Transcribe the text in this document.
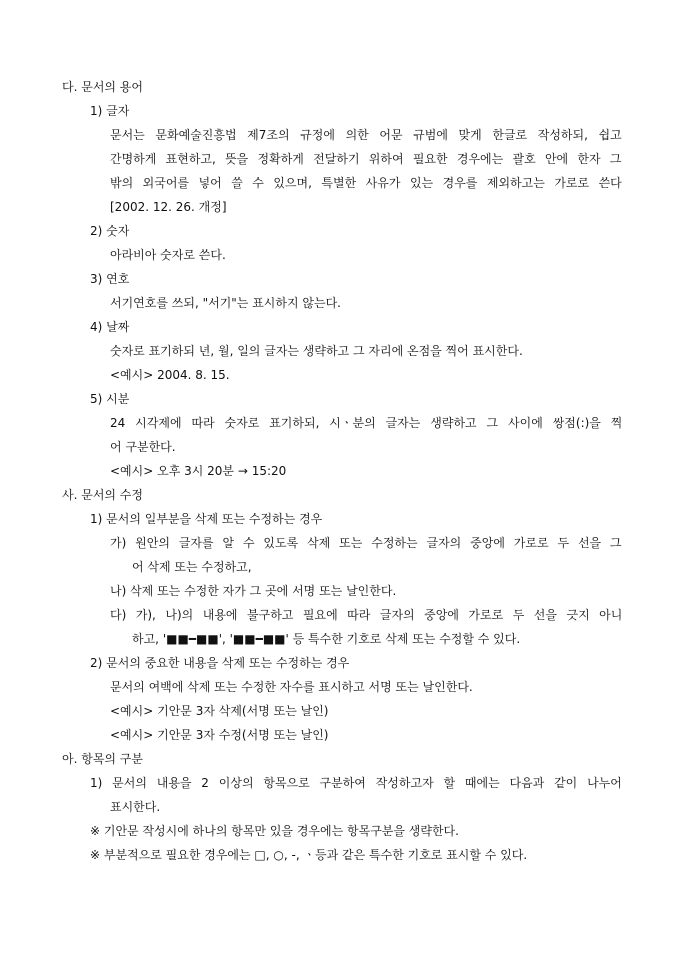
다. 문서의 용어
1) 글자
문서는 문화예술진흥법 제7조의 규정에 의한 어문 규범에 맞게 한글로 작성하되, 쉽고
간명하게 표현하고, 뜻을 정확하게 전달하기 위하여 필요한 경우에는 괄호 안에 한자 그
밖의 외국어를 넣어 쓸 수 있으며, 특별한 사유가 있는 경우를 제외하고는 가로로 쓴다
[2002. 12. 26. 개정]
2) 숫자
아라비아 숫자로 쓴다.
3) 연호
서기연호를 쓰되, "서기"는 표시하지 않는다.
4) 날짜
숫자로 표기하되 년, 월, 일의 글자는 생략하고 그 자리에 온점을 찍어 표시한다.
<예시> 2004. 8. 15.
5) 시분
24 시각제에 따라 숫자로 표기하되, 시ㆍ분의 글자는 생략하고 그 사이에 쌍점(:)을 찍
어 구분한다.
<예시> 오후 3시 20분 → 15:20
사. 문서의 수정
1) 문서의 일부분을 삭제 또는 수정하는 경우
가) 원안의 글자를 알 수 있도록 삭제 또는 수정하는 글자의 중앙에 가로로 두 선을 그
어 삭제 또는 수정하고,
나) 삭제 또는 수정한 자가 그 곳에 서명 또는 날인한다.
다) 가), 나)의 내용에 불구하고 필요에 따라 글자의 중앙에 가로로 두 선을 긋지 아니
하고, '■■━■■', '■■━■■' 등 특수한 기호로 삭제 또는 수정할 수 있다.
2) 문서의 중요한 내용을 삭제 또는 수정하는 경우
문서의 여백에 삭제 또는 수정한 자수를 표시하고 서명 또는 날인한다.
<예시> 기안문 3자 삭제(서명 또는 날인)
<예시> 기안문 3자 수정(서명 또는 날인)
아. 항목의 구분
1) 문서의 내용을 2 이상의 항목으로 구분하여 작성하고자 할 때에는 다음과 같이 나누어
표시한다.
※ 기안문 작성시에 하나의 항목만 있을 경우에는 항목구분을 생략한다.
※ 부분적으로 필요한 경우에는 □, ○, -, ㆍ등과 같은 특수한 기호로 표시할 수 있다.
